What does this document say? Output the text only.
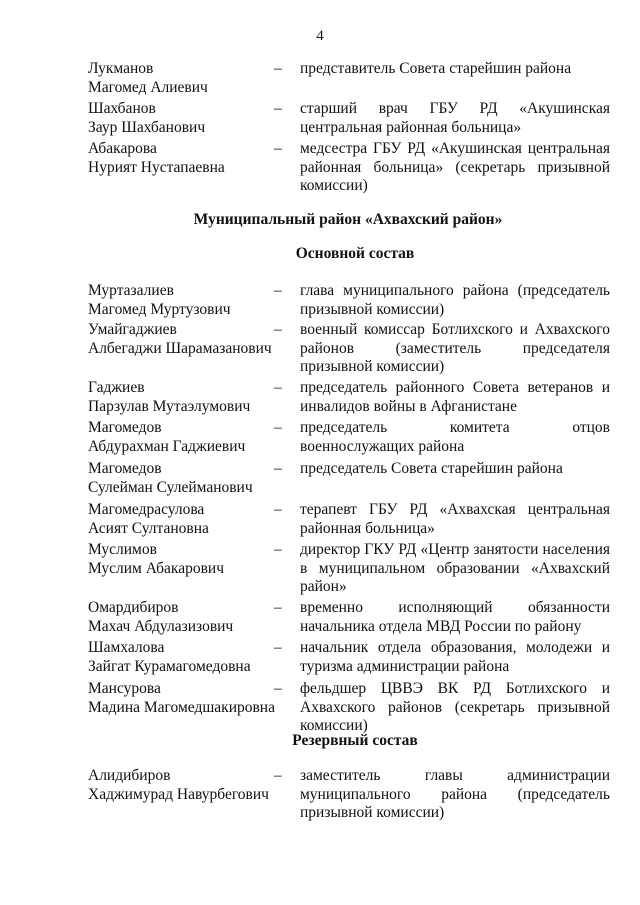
4
Лукманов
Магомед Алиевич
–	представитель Совета старейшин района
Шахбанов
Заур Шахбанович
–	старший врач ГБУ РД «Акушинская центральная районная больница»
Абакарова
Нурият Нустапаевна
–	медсестра ГБУ РД «Акушинская центральная районная больница» (секретарь призывной комиссии)
Муниципальный район «Ахвахский район»
Основной состав
Муртазалиев
Магомед Муртузович
–	глава муниципального района (председатель призывной комиссии)
Умайгаджиев
Албегаджи Шарамазанович
–	военный комиссар Ботлихского и Ахвахского районов (заместитель председателя призывной комиссии)
Гаджиев
Парзулав Мутаэлумович
–	председатель районного Совета ветеранов и инвалидов войны в Афганистане
Магомедов
Абдурахман Гаджиевич
–	председатель комитета отцов военнослужащих района
Магомедов
Сулейман Сулейманович
–	председатель Совета старейшин района
Магомедрасулова
Асият Султановна
–	терапевт ГБУ РД «Ахвахская центральная районная больница»
Муслимов
Муслим Абакарович
–	директор ГКУ РД «Центр занятости населения в муниципальном образовании «Ахвахский район»
Омардибиров
Махач Абдулазизович
–	временно исполняющий обязанности начальника отдела МВД России по району
Шамхалова
Зайгат Курамагомедовна
–	начальник отдела образования, молодежи и туризма администрации района
Мансурова
Мадина Магомедшакировна
–	фельдшер ЦВВЭ ВК РД Ботлихского и Ахвахского районов (секретарь призывной комиссии)
Резервный состав
Алидибиров
Хаджимурад Навурбегович
–	заместитель главы администрации муниципального района (председатель призывной комиссии)
